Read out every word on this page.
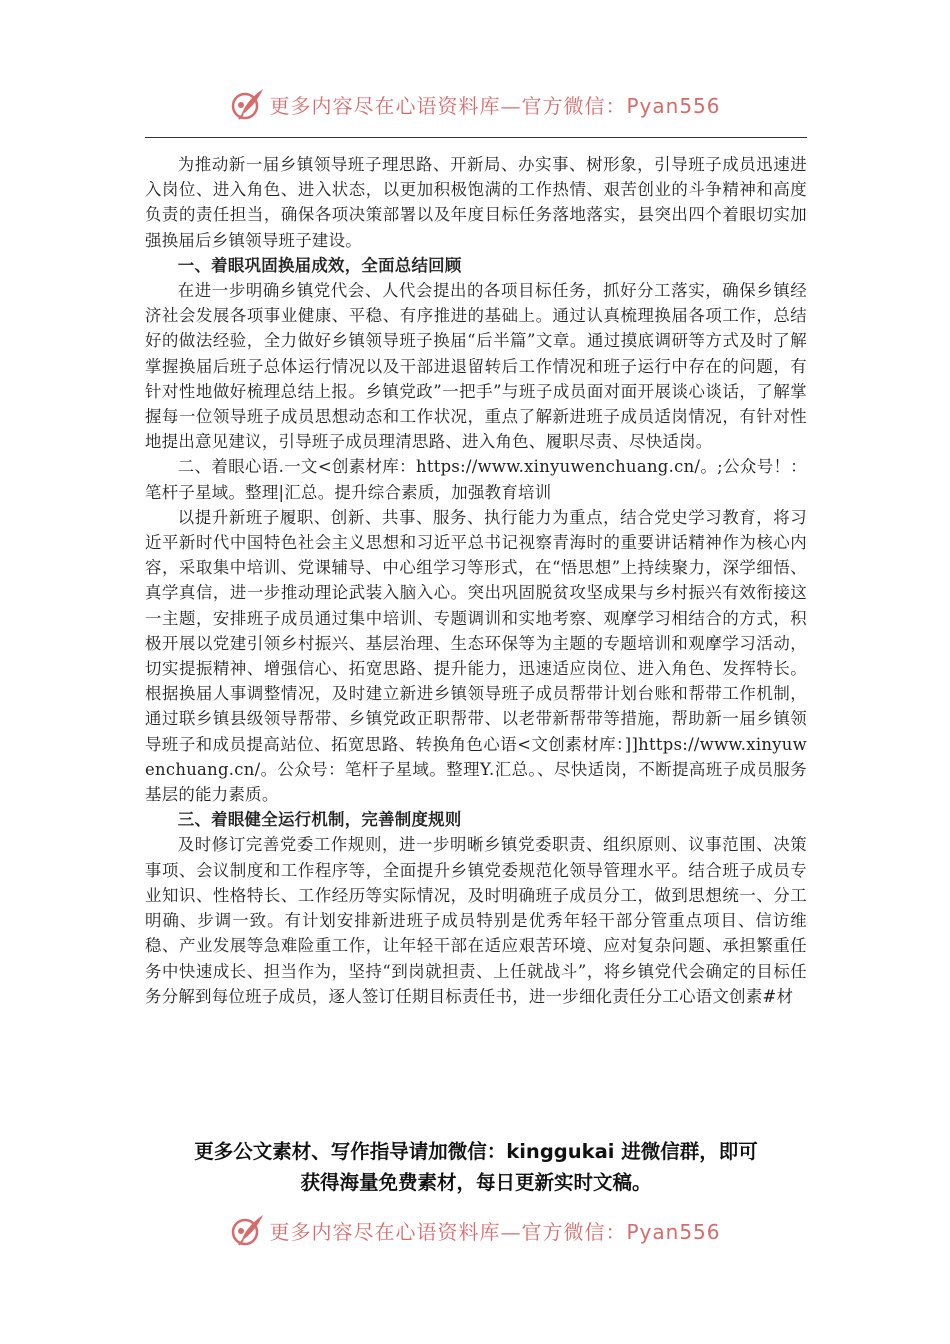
更多内容尽在心语资料库—官方微信：Pyan556

为推动新一届乡镇领导班子理思路、开新局、办实事、树形象，引导班子成员迅速进入岗位、进入角色、进入状态，以更加积极饱满的工作热情、艰苦创业的斗争精神和高度负责的责任担当，确保各项决策部署以及年度目标任务落地落实，县突出四个着眼切实加强换届后乡镇领导班子建设。

一、着眼巩固换届成效，全面总结回顾

在进一步明确乡镇党代会、人代会提出的各项目标任务，抓好分工落实，确保乡镇经济社会发展各项事业健康、平稳、有序推进的基础上。通过认真梳理换届各项工作，总结好的做法经验，全力做好乡镇领导班子换届“后半篇”文章。通过摸底调研等方式及时了解掌握换届后班子总体运行情况以及干部进退留转后工作情况和班子运行中存在的问题，有针对性地做好梳理总结上报。乡镇党政”一把手”与班子成员面对面开展谈心谈话，了解掌握每一位领导班子成员思想动态和工作状况，重点了解新进班子成员适岗情况，有针对性地提出意见建议，引导班子成员理清思路、进入角色、履职尽责、尽快适岗。

二、着眼心语.一文<创素材库：https://www.xinyuwenchuang.cn/。;公众号！：笔杆子星域。整理|汇总。提升综合素质，加强教育培训

以提升新班子履职、创新、共事、服务、执行能力为重点，结合党史学习教育，将习近平新时代中国特色社会主义思想和习近平总书记视察青海时的重要讲话精神作为核心内容，采取集中培训、党课辅导、中心组学习等形式，在“悟思想”上持续聚力，深学细悟、真学真信，进一步推动理论武装入脑入心。突出巩固脱贫攻坚成果与乡村振兴有效衔接这一主题，安排班子成员通过集中培训、专题调训和实地考察、观摩学习相结合的方式，积极开展以党建引领乡村振兴、基层治理、生态环保等为主题的专题培训和观摩学习活动，切实提振精神、增强信心、拓宽思路、提升能力，迅速适应岗位、进入角色、发挥特长。根据换届人事调整情况，及时建立新进乡镇领导班子成员帮带计划台账和帮带工作机制，通过联乡镇县级领导帮带、乡镇党政正职帮带、以老带新帮带等措施，帮助新一届乡镇领导班子和成员提高站位、拓宽思路、转换角色心语<文创素材库：]]https://www.xinyuwenchuang.cn/。公众号：笔杆子星域。整理Y.汇总。、尽快适岗，不断提高班子成员服务基层的能力素质。

三、着眼健全运行机制，完善制度规则

及时修订完善党委工作规则，进一步明晰乡镇党委职责、组织原则、议事范围、决策事项、会议制度和工作程序等，全面提升乡镇党委规范化领导管理水平。结合班子成员专业知识、性格特长、工作经历等实际情况，及时明确班子成员分工，做到思想统一、分工明确、步调一致。有计划安排新进班子成员特别是优秀年轻干部分管重点项目、信访维稳、产业发展等急难险重工作，让年轻干部在适应艰苦环境、应对复杂问题、承担繁重任务中快速成长、担当作为，坚持“到岗就担责、上任就战斗”，将乡镇党代会确定的目标任务分解到每位班子成员，逐人签订任期目标责任书，进一步细化责任分工心语文创素#材

更多公文素材、写作指导请加微信：kinggukai 进微信群，即可
获得海量免费素材，每日更新实时文稿。
更多内容尽在心语资料库—官方微信：Pyan556
